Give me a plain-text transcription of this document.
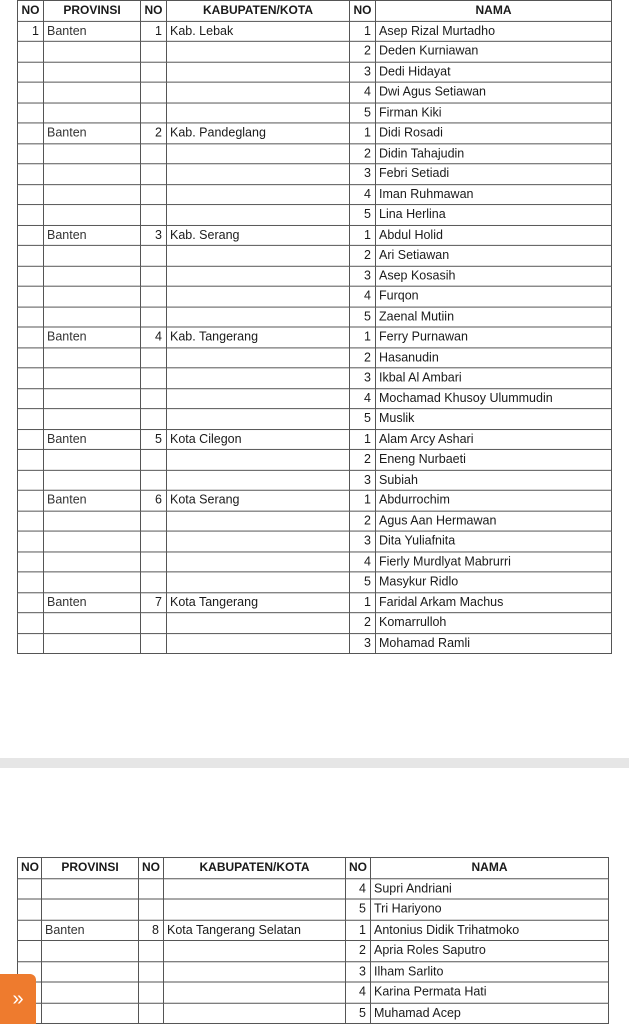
NO	PROVINSI	NO	KABUPATEN/KOTA	NO	NAMA
1	Banten	1	Kab. Lebak	1	Asep Rizal Murtadho
				2	Deden Kurniawan
				3	Dedi Hidayat
				4	Dwi Agus Setiawan
				5	Firman Kiki
	Banten	2	Kab. Pandeglang	1	Didi Rosadi
				2	Didin Tahajudin
				3	Febri Setiadi
				4	Iman Ruhmawan
				5	Lina Herlina
	Banten	3	Kab. Serang	1	Abdul Holid
				2	Ari Setiawan
				3	Asep Kosasih
				4	Furqon
				5	Zaenal Mutiin
	Banten	4	Kab. Tangerang	1	Ferry Purnawan
				2	Hasanudin
				3	Ikbal Al Ambari
				4	Mochamad Khusoy Ulummudin
				5	Muslik
	Banten	5	Kota Cilegon	1	Alam Arcy Ashari
				2	Eneng Nurbaeti
				3	Subiah
	Banten	6	Kota Serang	1	Abdurrochim
				2	Agus Aan Hermawan
				3	Dita Yuliafnita
				4	Fierly Murdlyat Mabrurri
				5	Masykur Ridlo
	Banten	7	Kota Tangerang	1	Faridal Arkam Machus
				2	Komarrulloh
				3	Mohamad Ramli
NO	PROVINSI	NO	KABUPATEN/KOTA	NO	NAMA
				4	Supri Andriani
				5	Tri Hariyono
	Banten	8	Kota Tangerang Selatan	1	Antonius Didik Trihatmoko
				2	Apria Roles Saputro
				3	Ilham Sarlito
				4	Karina Permata Hati
				5	Muhamad Acep
»
